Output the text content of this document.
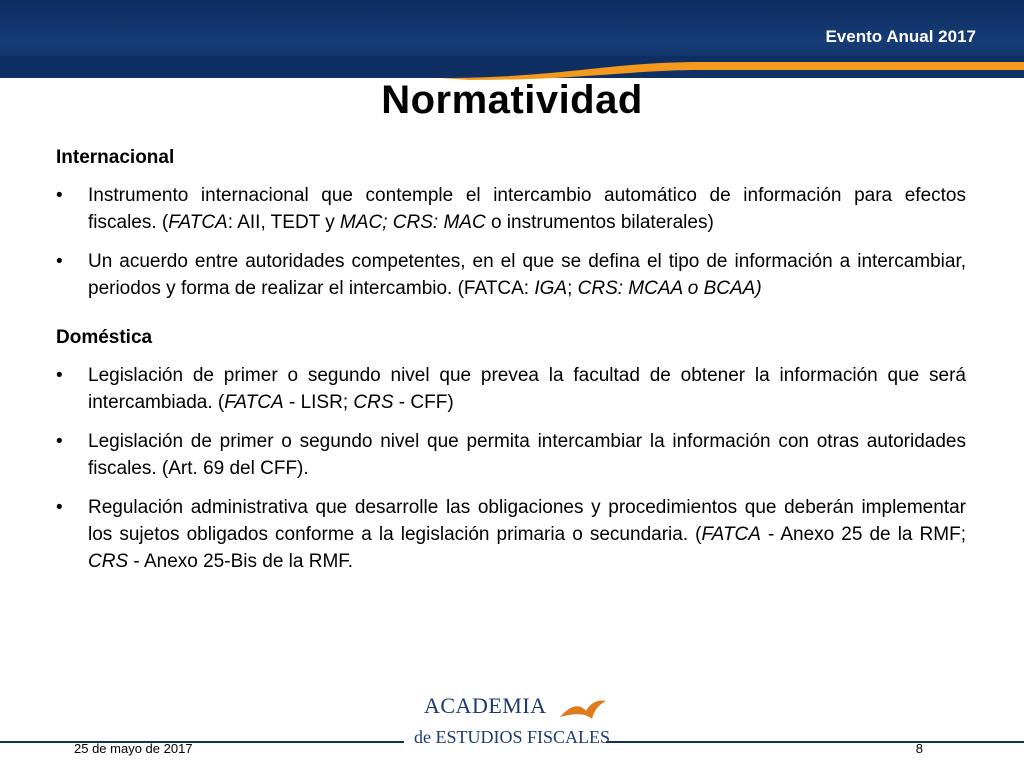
Evento Anual 2017
Normatividad
Internacional
•	Instrumento internacional que contemple el intercambio automático de información para efectos fiscales. (FATCA: AII, TEDT y MAC; CRS: MAC o instrumentos bilaterales)
•	Un acuerdo entre autoridades competentes, en el que se defina el tipo de información a intercambiar, periodos y forma de realizar el intercambio. (FATCA: IGA; CRS: MCAA o BCAA)
Doméstica
•	Legislación de primer o segundo nivel que prevea la facultad de obtener la información que será intercambiada. (FATCA - LISR; CRS - CFF)
•	Legislación de primer o segundo nivel que permita intercambiar la información con otras autoridades fiscales. (Art. 69 del CFF).
•	Regulación administrativa que desarrolle las obligaciones y procedimientos que deberán implementar los sujetos obligados conforme a la legislación primaria o secundaria. (FATCA - Anexo 25 de la RMF; CRS - Anexo 25-Bis de la RMF.
25 de mayo de 2017	8
ACADEMIA
de ESTUDIOS FISCALES
